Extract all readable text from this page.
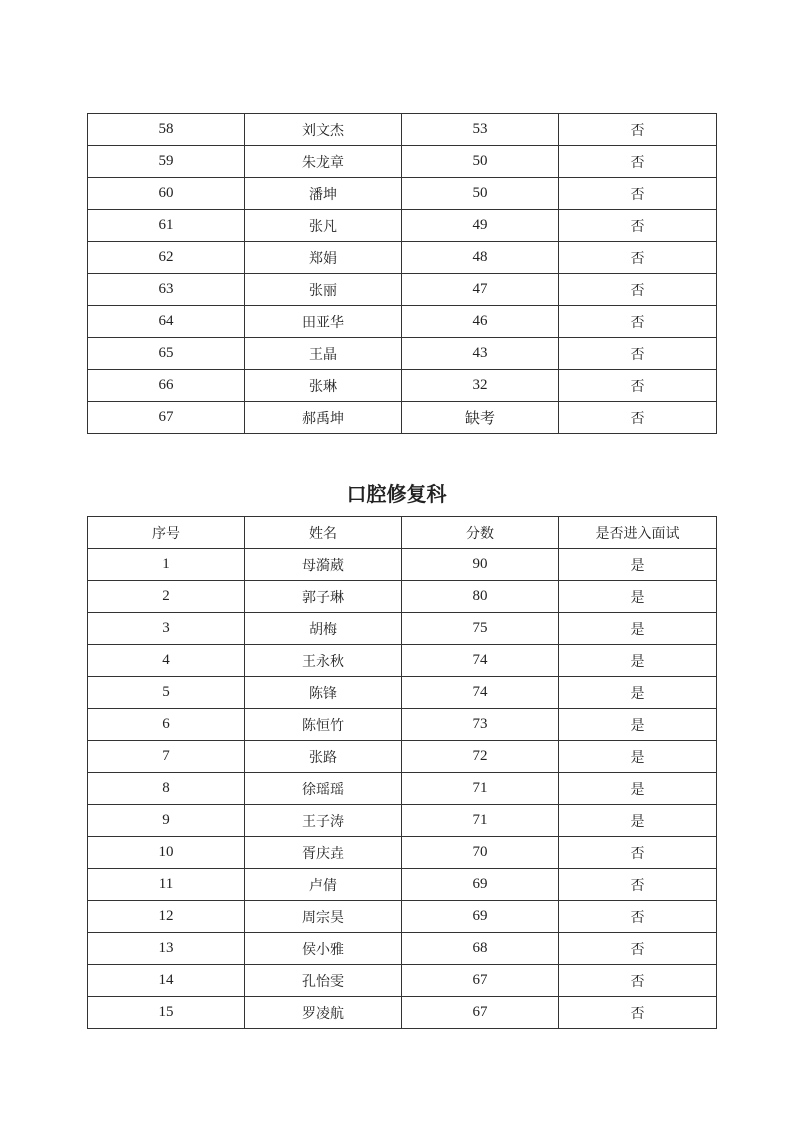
58	刘文杰	53	否
59	朱龙章	50	否
60	潘坤	50	否
61	张凡	49	否
62	郑娟	48	否
63	张丽	47	否
64	田亚华	46	否
65	王晶	43	否
66	张琳	32	否
67	郝禹坤	缺考	否
口腔修复科
序号	姓名	分数	是否进入面试
1	母漪葳	90	是
2	郭子琳	80	是
3	胡梅	75	是
4	王永秋	74	是
5	陈锋	74	是
6	陈恒竹	73	是
7	张路	72	是
8	徐瑶瑶	71	是
9	王子涛	71	是
10	胥庆垚	70	否
11	卢倩	69	否
12	周宗昊	69	否
13	侯小雅	68	否
14	孔怡雯	67	否
15	罗凌航	67	否
